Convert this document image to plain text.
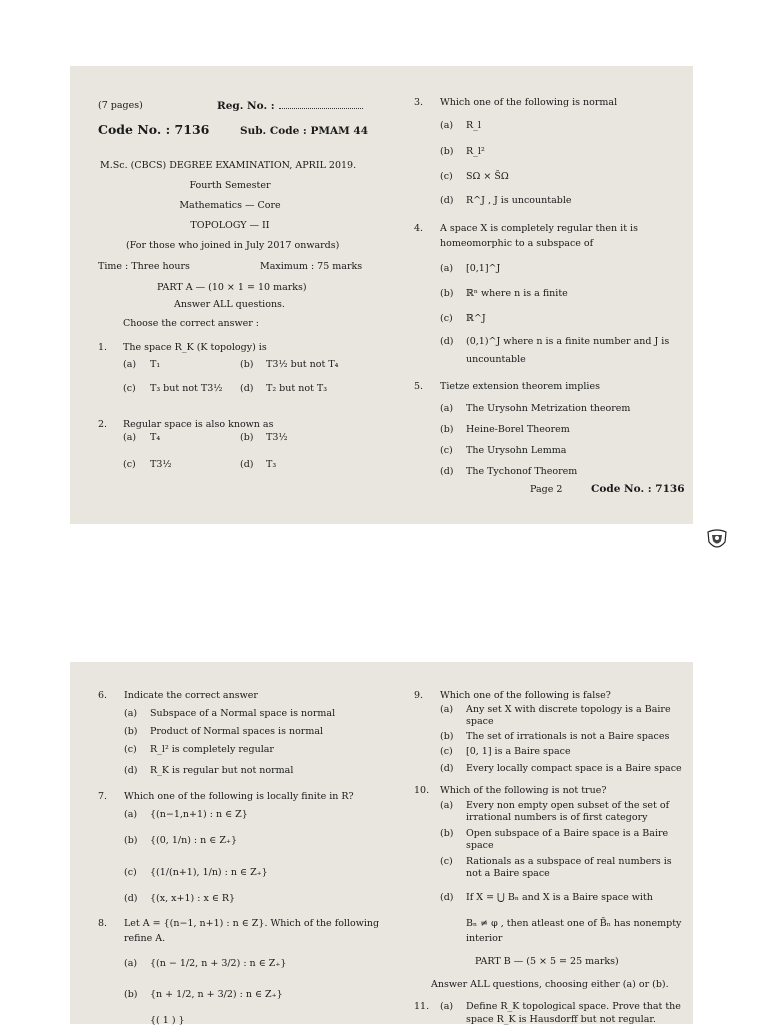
(7 pages)	Reg. No. :
Code No. : 7136	Sub. Code : PMAM 44
M.Sc. (CBCS) DEGREE EXAMINATION, APRIL 2019.
Fourth Semester
Mathematics — Core
TOPOLOGY — II
(For those who joined in July 2017 onwards)
Time : Three hours	Maximum : 75 marks
PART A — (10 × 1 = 10 marks)
Answer ALL questions.
Choose the correct answer :
1. The space R_K (K topology) is
(a) T₁	(b) T3½ but not T₄
(c) T₃ but not T3½ (d) T₂ but not T₃
2. Regular space is also known as
(a) T₄	(b) T3½
(c) T3½	(d) T₃
3. Which one of the following is normal
(a) R_l
(b) R_l²
(c) SΩ × S̄Ω
(d) R^J , J is uncountable
4. A space X is completely regular then it is
homeomorphic to a subspace of
(a) [0,1]^J
(b) ℝⁿ where n is a finite
(c) ℝ^J
(d) (0,1)^J where n is a finite number and J is
uncountable
5. Tietze extension theorem implies
(a) The Urysohn Metrization theorem
(b) Heine-Borel Theorem
(c) The Urysohn Lemma
(d) The Tychonof Theorem
Page 2	Code No. : 7136
6. Indicate the correct answer
(a) Subspace of a Normal space is normal
(b) Product of Normal spaces is normal
(c) R_l² is completely regular
(d) R_K is regular but not normal
7. Which one of the following is locally finite in R?
(a) {(n−1,n+1) : n ∈ Z}
(b) {(0, 1/n) : n ∈ Z₊}
(c) {(1/(n+1), 1/n) : n ∈ Z₊}
(d) {(x, x+1) : x ∈ R}
8. Let A = {(n−1, n+1) : n ∈ Z}. Which of the following
refine A.
(a) {(n − 1/2, n + 3/2) : n ∈ Z₊}
(b) {n + 1/2, n + 3/2) : n ∈ Z₊}
{( 1 ) }
9. Which one of the following is false?
(a) Any set X with discrete topology is a Baire
space
(b) The set of irrationals is not a Baire spaces
(c) [0, 1] is a Baire space
(d) Every locally compact space is a Baire space
10. Which of the following is not true?
(a) Every non empty open subset of the set of
irrational numbers is of first category
(b) Open subspace of a Baire space is a Baire
space
(c) Rationals as a subspace of real numbers is
not a Baire space
(d) If X = ⋃ Bₙ and X is a Baire space with
Bₙ ≠ φ , then atleast one of B̄ₙ has nonempty
interior
PART B — (5 × 5 = 25 marks)
Answer ALL questions, choosing either (a) or (b).
11. (a) Define R_K topological space. Prove that the
space R_K is Hausdorff but not regular.
